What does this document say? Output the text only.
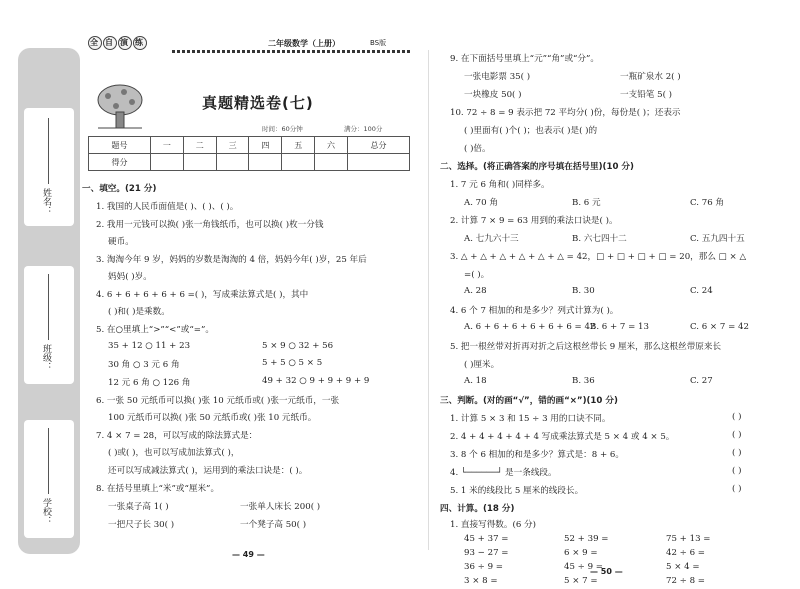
姓名：
班级：
学校：
全 自 演 练	二年级数学（上册）	BS版
真题精选卷(七)
时间：60分钟	满分：100分
题号	一	二	三	四	五	六	总分
得分							
一、填空。(21 分)
1. 我国的人民币面值是( )、( )、( )。
2. 我用一元钱可以换( )张一角钱纸币，也可以换( )枚一分钱
硬币。
3. 淘淘今年 9 岁，妈妈的岁数是淘淘的 4 倍，妈妈今年( )岁，25 年后
妈妈( )岁。
4. 6 + 6 + 6 + 6 + 6 =( )，写成乘法算式是( )，其中
( )和( )是乘数。
5. 在○里填上“>”“<”或“=”。
35 + 12 ○ 11 + 23	5 × 9 ○ 32 + 56
30 角 ○ 3 元 6 角	5 + 5 ○ 5 × 5
12 元 6 角 ○ 126 角	49 + 32 ○ 9 + 9 + 9 + 9
6. 一张 50 元纸币可以换( )张 10 元纸币或( )张一元纸币，一张
100 元纸币可以换( )张 50 元纸币或( )张 10 元纸币。
7. 4 × 7 = 28，可以写成的除法算式是：
( )或( )，也可以写成加法算式( )，
还可以写成减法算式( )，运用到的乘法口诀是：( )。
8. 在括号里填上“米”或“厘米”。
一张桌子高 1( )	一张单人床长 200( )
一把尺子长 30( )	一个凳子高 50( )
— 49 —
9. 在下面括号里填上“元”“角”或“分”。
一张电影票 35( )	一瓶矿泉水 2( )
一块橡皮 50( )	一支铅笔 5( )
10. 72 ÷ 8 = 9 表示把 72 平均分( )份，每份是( )；还表示
( )里面有( )个( )；也表示( )是( )的
( )倍。
二、选择。(将正确答案的序号填在括号里)(10 分)
1. 7 元 6 角和( )同样多。
A. 70 角	B. 6 元	C. 76 角
2. 计算 7 × 9 = 63 用到的乘法口诀是( )。
A. 七九六十三	B. 六七四十二	C. 五九四十五
3. △ + △ + △ + △ + △ + △ = 42，□ + □ + □ + □ = 20，那么 □ × △
=( )。
A. 28	B. 30	C. 24
4. 6 个 7 相加的和是多少？列式计算为( )。
A. 6 + 6 + 6 + 6 + 6 + 6 = 42
B. 6 + 7 = 13	C. 6 × 7 = 42
5. 把一根丝带对折再对折之后这根丝带长 9 厘米，那么这根丝带原来长
( )厘米。
A. 18	B. 36	C. 27
三、判断。(对的画“√”，错的画“×”)(10 分)
1. 计算 5 × 3 和 15 ÷ 3 用的口诀不同。	( )
2. 4 + 4 + 4 + 4 + 4 写成乘法算式是 5 × 4 或 4 × 5。	( )
3. 8 个 6 相加的和是多少？算式是：8 + 6。	( )
4. └──────┘ 是一条线段。	( )
5. 1 米的线段比 5 厘米的线段长。	( )
四、计算。(18 分)
1. 直接写得数。(6 分)
45 + 37 =	52 + 39 =	75 + 13 =
93 − 27 =	6 × 9 =	42 ÷ 6 =
36 ÷ 9 =	45 ÷ 9 =	5 × 4 =
3 × 8 =	5 × 7 =	72 ÷ 8 =
— 50 —
